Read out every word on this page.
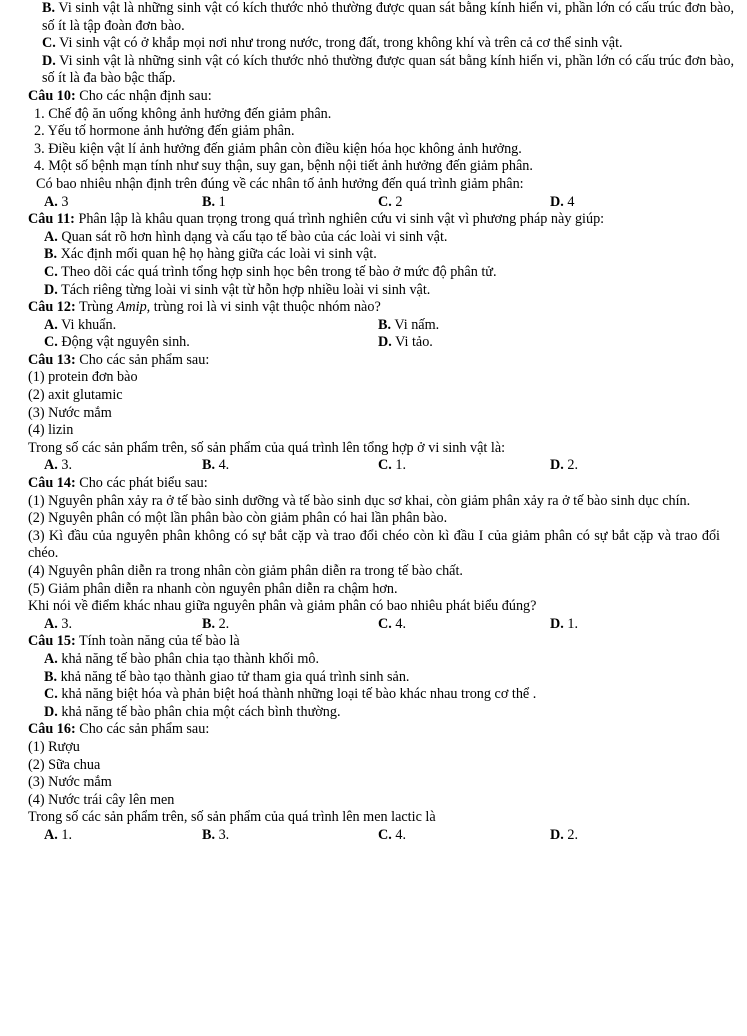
B. Vi sinh vật là những sinh vật có kích thước nhỏ thường được quan sát bằng kính hiển vi, phần lớn có cấu trúc đơn bào, số ít là tập đoàn đơn bào.
C. Vi sinh vật có ở khắp mọi nơi như trong nước, trong đất, trong không khí và trên cả cơ thể sinh vật.
D. Vi sinh vật là những sinh vật có kích thước nhỏ thường được quan sát bằng kính hiển vi, phần lớn có cấu trúc đơn bào, số ít là đa bào bậc thấp.
Câu 10: Cho các nhận định sau:
1. Chế độ ăn uống không ảnh hưởng đến giảm phân.
2. Yếu tố hormone ảnh hưởng đến giảm phân.
3. Điều kiện vật lí ảnh hưởng đến giảm phân còn điều kiện hóa học không ảnh hưởng.
4. Một số bệnh mạn tính như suy thận, suy gan, bệnh nội tiết ảnh hưởng đến giảm phân.
Có bao nhiêu nhận định trên đúng về các nhân tố ảnh hưởng đến quá trình giảm phân:
A. 3	B. 1	C. 2	D. 4
Câu 11: Phân lập là khâu quan trọng trong quá trình nghiên cứu vi sinh vật vì phương pháp này giúp:
A. Quan sát rõ hơn hình dạng và cấu tạo tế bào của các loài vi sinh vật.
B. Xác định mối quan hệ họ hàng giữa các loài vi sinh vật.
C. Theo dõi các quá trình tổng hợp sinh học bên trong tế bào ở mức độ phân tử.
D. Tách riêng từng loài vi sinh vật từ hỗn hợp nhiều loài vi sinh vật.
Câu 12: Trùng Amip, trùng roi là vi sinh vật thuộc nhóm nào?
A. Vi khuẩn.	B. Vi nấm.
C. Động vật nguyên sinh.	D. Vi tảo.
Câu 13: Cho các sản phẩm sau:
(1) protein đơn bào
(2) axit glutamic
(3) Nước mắm
(4) lizin
Trong số các sản phẩm trên, số sản phẩm của quá trình lên tổng hợp ở vi sinh vật là:
A. 3.	B. 4.	C. 1.	D. 2.
Câu 14: Cho các phát biểu sau:
(1) Nguyên phân xảy ra ở tế bào sinh dưỡng và tế bào sinh dục sơ khai, còn giảm phân xảy ra ở tế bào sinh dục chín.
(2) Nguyên phân có một lần phân bào còn giảm phân có hai lần phân bào.
(3) Kì đầu của nguyên phân không có sự bắt cặp và trao đổi chéo còn kì đầu I của giảm phân có sự bắt cặp và trao đổi chéo.
(4) Nguyên phân diễn ra trong nhân còn giảm phân diễn ra trong tế bào chất.
(5) Giảm phân diễn ra nhanh còn nguyên phân diễn ra chậm hơn.
Khi nói về điểm khác nhau giữa nguyên phân và giảm phân có bao nhiêu phát biểu đúng?
A. 3.	B. 2.	C. 4.	D. 1.
Câu 15: Tính toàn năng của tế bào là
A. khả năng tế bào phân chia tạo thành khối mô.
B. khả năng tế bào tạo thành giao tử tham gia quá trình sinh sản.
C. khả năng biệt hóa và phản biệt hoá thành những loại tế bào khác nhau trong cơ thể .
D. khả năng tế bào phân chia một cách bình thường.
Câu 16: Cho các sản phẩm sau:
(1) Rượu
(2) Sữa chua
(3) Nước mắm
(4) Nước trái cây lên men
Trong số các sản phẩm trên, số sản phẩm của quá trình lên men lactic là
A. 1.	B. 3.	C. 4.	D. 2.
